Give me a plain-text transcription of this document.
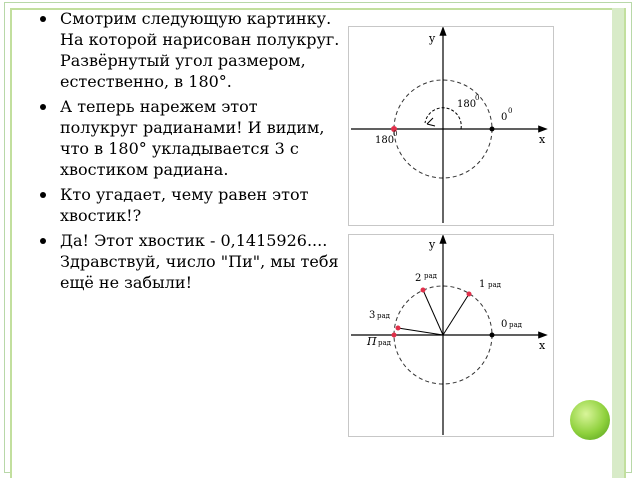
Смотрим следующую картинку. На которой нарисован полукруг. Развёрнутый угол размером, естественно, в 180°.
А теперь нарежем этот полукруг радианами! И видим, что в 180° укладывается 3 с хвостиком радиана.
Кто угадает, чему равен этот хвостик!?
Да! Этот хвостик - 0,1415926.... Здравствуй, число "Пи", мы тебя ещё не забыли!
y
x
180
0
0
0
180
0
y
x
2 рад
1 рад
3 рад
0 рад
П рад
